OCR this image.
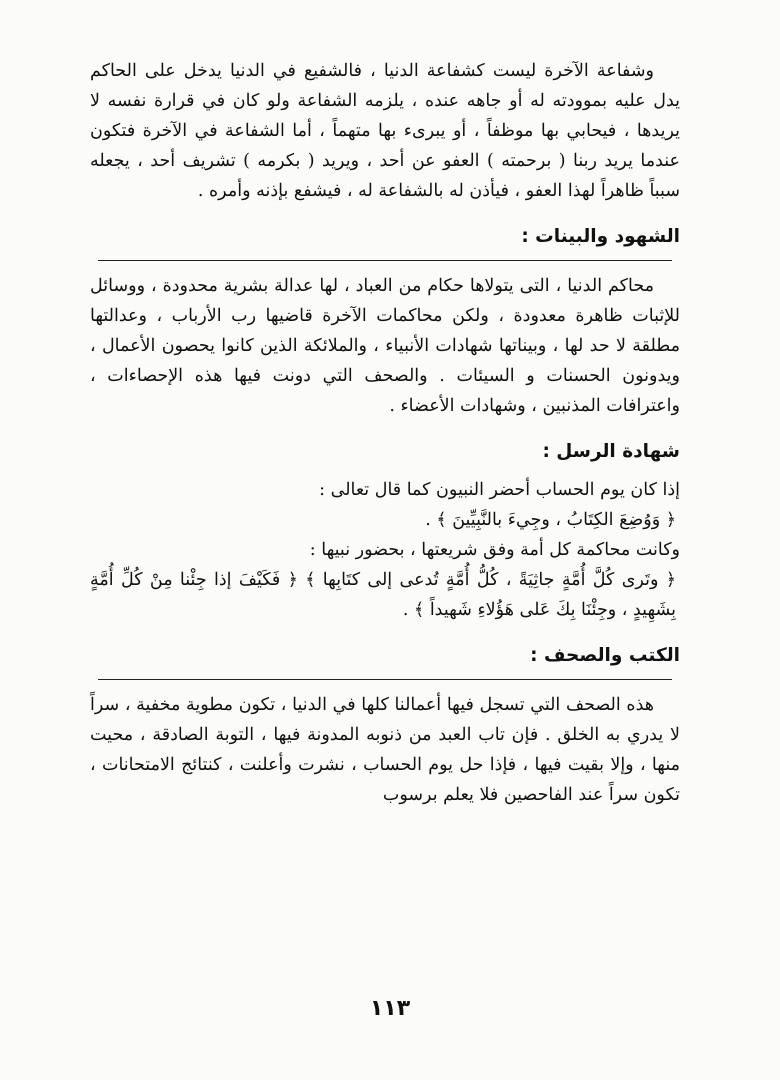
وشفاعة الآخرة ليست كشفاعة الدنيا ، فالشفيع في الدنيا يدخل على الحاكم يدل عليه بموودته له أو جاهه عنده ، يلزمه الشفاعة ولو كان في قرارة نفسه لا يريدها ، فيحابي بها موظفاً ، أو يبرىء بها متهماً ، أما الشفاعة في الآخرة فتكون عندما يريد ربنا ( برحمته ) العفو عن أحد ، ويريد ( بكرمه ) تشريف أحد ، يجعله سبباً ظاهراً لهذا العفو ، فيأذن له بالشفاعة له ، فيشفع بإذنه وأمره .

الشهود والبينات :

محاكم الدنيا ، التى يتولاها حكام من العباد ، لها عدالة بشرية محدودة ، ووسائل للإثبات ظاهرة معدودة ، ولكن محاكمات الآخرة قاضيها رب الأرباب ، وعدالتها مطلقة لا حد لها ، وبيناتها شهادات الأنبياء ، والملائكة الذين كانوا يحصون الأعمال ، ويدونون الحسنات و السيئات . والصحف التي دونت فيها هذه الإحصاءات ، واعترافات المذنبين ، وشهادات الأعضاء .

شهادة الرسل :

إذا كان يوم الحساب أحضر النبيون كما قال تعالى :

﴿ وَوُضِعَ الكِتَابُ ، وجِيءَ بالنَّبِيِّينَ ﴾ .

وكانت محاكمة كل أمة وفق شريعتها ، بحضور نبيها :

﴿ وتَرى كُلَّ أُمَّةٍ جاثِيَةً ، كُلُّ أُمَّةٍ تُدعى إلى كتَابِها ﴾ ﴿ فَكَيْفَ إذا جِئْنا مِنْ كُلِّ أُمَّةٍ بِشَهِيدٍ ، وجِئْنَا بِكَ عَلى هَؤُلاءِ شَهيداً ﴾ .

الكتب والصحف :

هذه الصحف التي تسجل فيها أعمالنا كلها في الدنيا ، تكون مطوية مخفية ، سراً لا يدري به الخلق . فإن تاب العبد من ذنوبه المدونة فيها ، التوبة الصادقة ، محيت منها ، وإلا بقيت فيها ، فإذا حل يوم الحساب ، نشرت وأعلنت ، كنتائج الامتحانات ، تكون سراً عند الفاحصين فلا يعلم برسوب

١١٣
